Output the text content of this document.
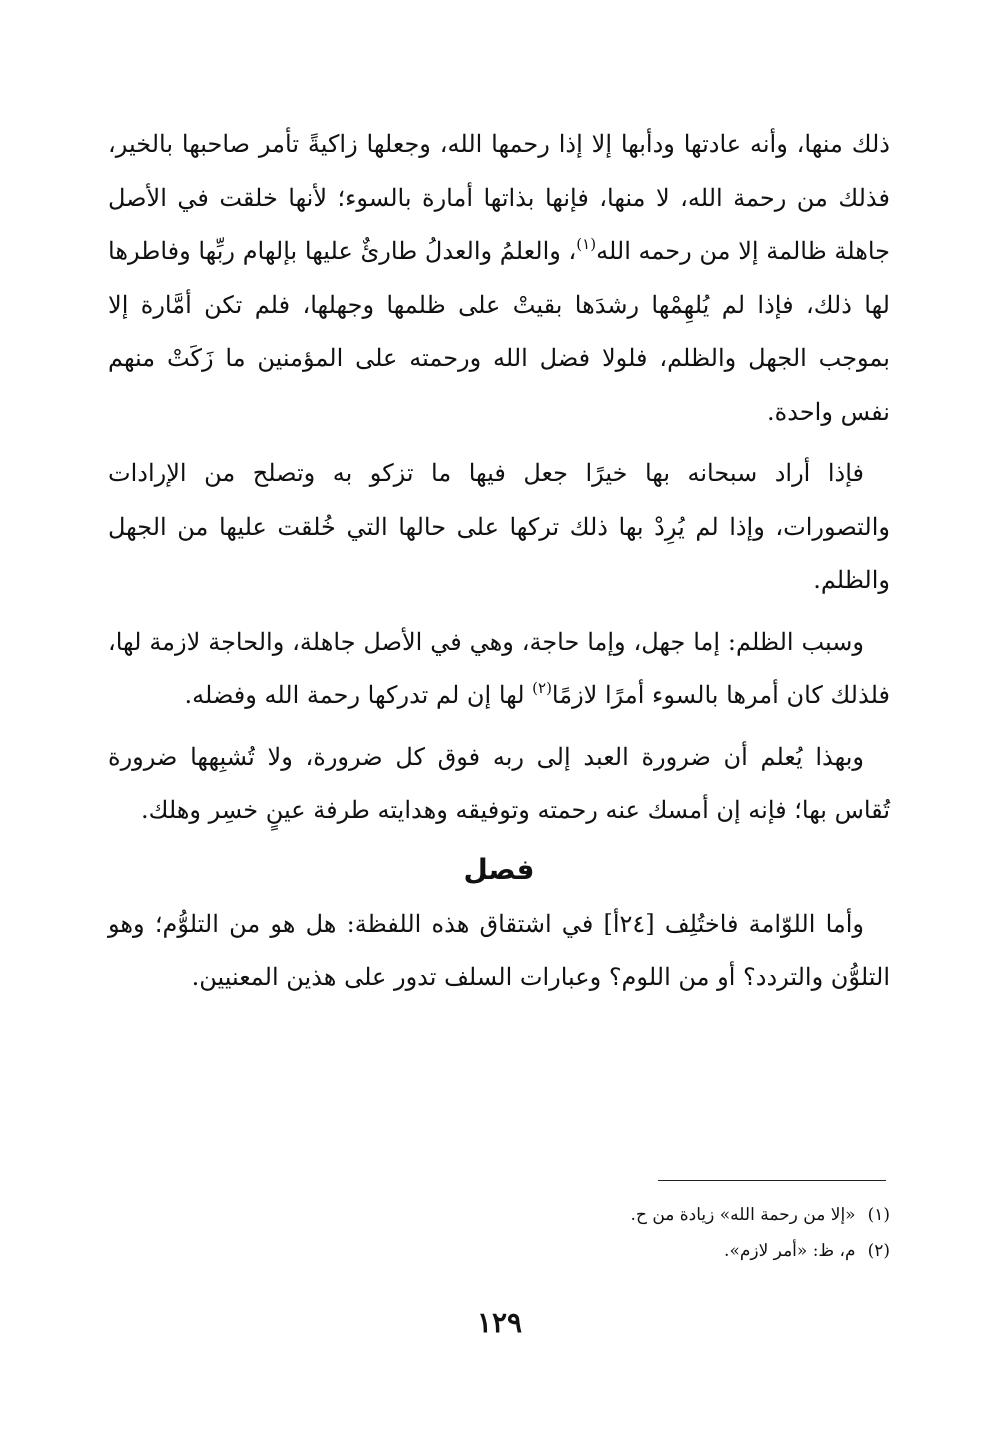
ذلك منها، وأنه عادتها ودأبها إلا إذا رحمها الله، وجعلها زاكيةً تأمر صاحبها بالخير، فذلك من رحمة الله، لا منها، فإنها بذاتها أمارة بالسوء؛ لأنها خلقت في الأصل جاهلة ظالمة إلا من رحمه الله$^{(١)}$، والعلمُ والعدلُ طارئٌ عليها بإلهام ربِّها وفاطرها لها ذلك، فإذا لم يُلهِمْها رشدَها بقيتْ على ظلمها وجهلها، فلم تكن أمَّارة إلا بموجب الجهل والظلم، فلولا فضل الله ورحمته على المؤمنين ما زَكَتْ منهم نفس واحدة.

فإذا أراد سبحانه بها خيرًا جعل فيها ما تزكو به وتصلح من الإرادات والتصورات، وإذا لم يُرِدْ بها ذلك تركها على حالها التي خُلقت عليها من الجهل والظلم.

وسبب الظلم: إما جهل، وإما حاجة، وهي في الأصل جاهلة، والحاجة لازمة لها، فلذلك كان أمرها بالسوء أمرًا لازمًا$^{(٢)}$ لها إن لم تدركها رحمة الله وفضله.

وبهذا يُعلم أن ضرورة العبد إلى ربه فوق كل ضرورة، ولا تُشبِهها ضرورة تُقاس بها؛ فإنه إن أمسك عنه رحمته وتوفيقه وهدايته طرفة عينٍ خسِر وهلك.

فصل

وأما اللوّامة فاختُلِف [٢٤أ] في اشتقاق هذه اللفظة: هل هو من التلوُّم؛ وهو التلوُّن والتردد؟ أو من اللوم؟ وعبارات السلف تدور على هذين المعنيين.

(١)«إلا من رحمة الله» زيادة من ح.

(٢)م، ظ: «أمر لازم».

١٢٩
